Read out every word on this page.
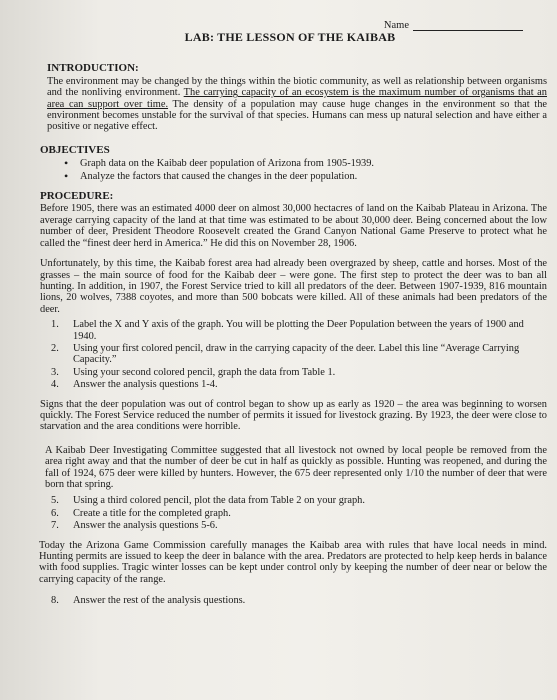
Name
LAB: THE LESSON OF THE KAIBAB
INTRODUCTION:

The environment may be changed by the things within the biotic community, as well as relationship between organisms and the nonliving environment. The carrying capacity of an ecosystem is the maximum number of organisms that an area can support over time. The density of a population may cause huge changes in the environment so that the environment becomes unstable for the survival of that species. Humans can mess up natural selection and have either a positive or negative effect.

OBJECTIVES
• Graph data on the Kaibab deer population of Arizona from 1905-1939.
• Analyze the factors that caused the changes in the deer population.
PROCEDURE:

Before 1905, there was an estimated 4000 deer on almost 30,000 hectacres of land on the Kaibab Plateau in Arizona. The average carrying capacity of the land at that time was estimated to be about 30,000 deer. Being concerned about the low number of deer, President Theodore Roosevelt created the Grand Canyon National Game Preserve to protect what he called the “finest deer herd in America.” He did this on November 28, 1906.

Unfortunately, by this time, the Kaibab forest area had already been overgrazed by sheep, cattle and horses. Most of the grasses – the main source of food for the Kaibab deer – were gone. The first step to protect the deer was to ban all hunting. In addition, in 1907, the Forest Service tried to kill all predators of the deer. Between 1907-1939, 816 mountain lions, 20 wolves, 7388 coyotes, and more than 500 bobcats were killed. All of these animals had been predators of the deer.

1. Label the X and Y axis of the graph. You will be plotting the Deer Population between the years of 1900 and 1940.
2. Using your first colored pencil, draw in the carrying capacity of the deer. Label this line “Average Carrying Capacity.”
3. Using your second colored pencil, graph the data from Table 1.
4. Answer the analysis questions 1-4.

Signs that the deer population was out of control began to show up as early as 1920 – the area was beginning to worsen quickly. The Forest Service reduced the number of permits it issued for livestock grazing. By 1923, the deer were close to starvation and the area conditions were horrible.

A Kaibab Deer Investigating Committee suggested that all livestock not owned by local people be removed from the area right away and that the number of deer be cut in half as quickly as possible. Hunting was reopened, and during the fall of 1924, 675 deer were killed by hunters. However, the 675 deer represented only 1/10 the number of deer that were born that spring.

5. Using a third colored pencil, plot the data from Table 2 on your graph.
6. Create a title for the completed graph.
7. Answer the analysis questions 5-6.

Today the Arizona Game Commission carefully manages the Kaibab area with rules that have local needs in mind. Hunting permits are issued to keep the deer in balance with the area. Predators are protected to help keep herds in balance with food supplies. Tragic winter losses can be kept under control only by keeping the number of deer near or below the carrying capacity of the range.

8. Answer the rest of the analysis questions.
